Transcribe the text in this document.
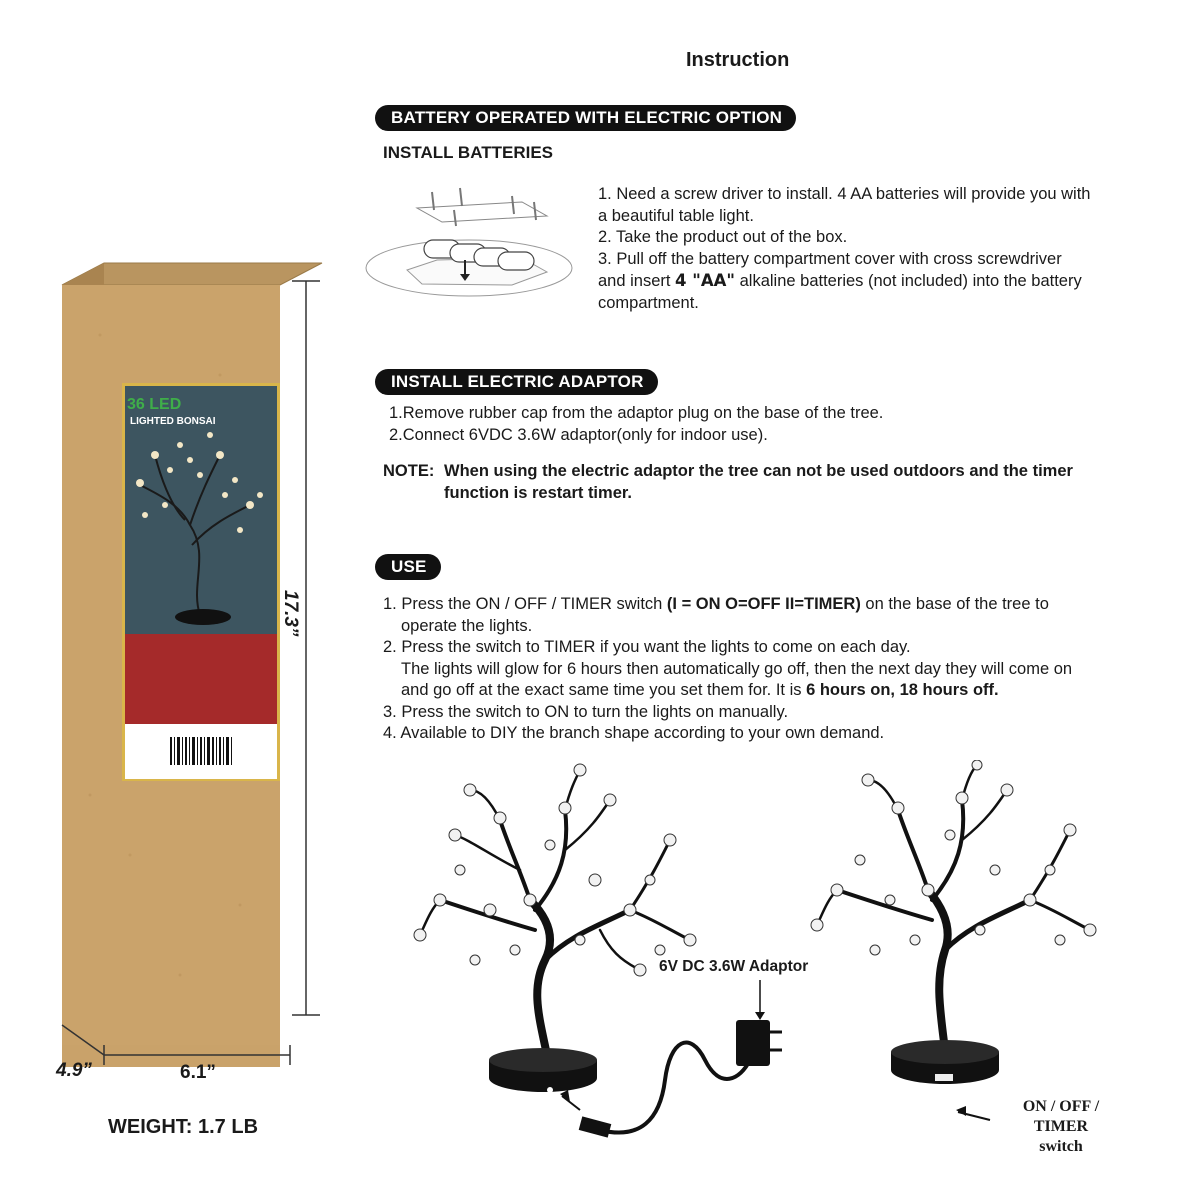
Instruction
BATTERY OPERATED WITH ELECTRIC OPTION
INSTALL BATTERIES

1. Need a screw driver to install. 4 AA batteries will provide you with

a beautiful table light.

2. Take the product out of the box.

3. Pull off the battery compartment cover with cross screwdriver

and insert 4 "AA" alkaline batteries (not included) into the battery

compartment.

INSTALL ELECTRIC ADAPTOR

1.Remove rubber cap from the adaptor plug on the base of the tree.

2.Connect 6VDC 3.6W adaptor(only for indoor use).

NOTE: When using the electric adaptor the tree can not be used outdoors and the timer
function is restart timer.
USE

1. Press the ON / OFF / TIMER switch (I = ON O=OFF II=TIMER) on the base of the tree to

operate the lights.

2. Press the switch to TIMER if you want the lights to come on each day.

The lights will glow for 6 hours then automatically go off, then the next day they will come on

and go off at the exact same time you set them for. It is 6 hours on, 18 hours off.

3. Press the switch to ON to turn the lights on manually.

4. Available to DIY the branch shape according to your own demand.

36 LED
LIGHTED BONSAI
17.3”
6.1”
4.9”
WEIGHT: 1.7 LB
6V DC 3.6W Adaptor
ON / OFF / TIMER
switch
